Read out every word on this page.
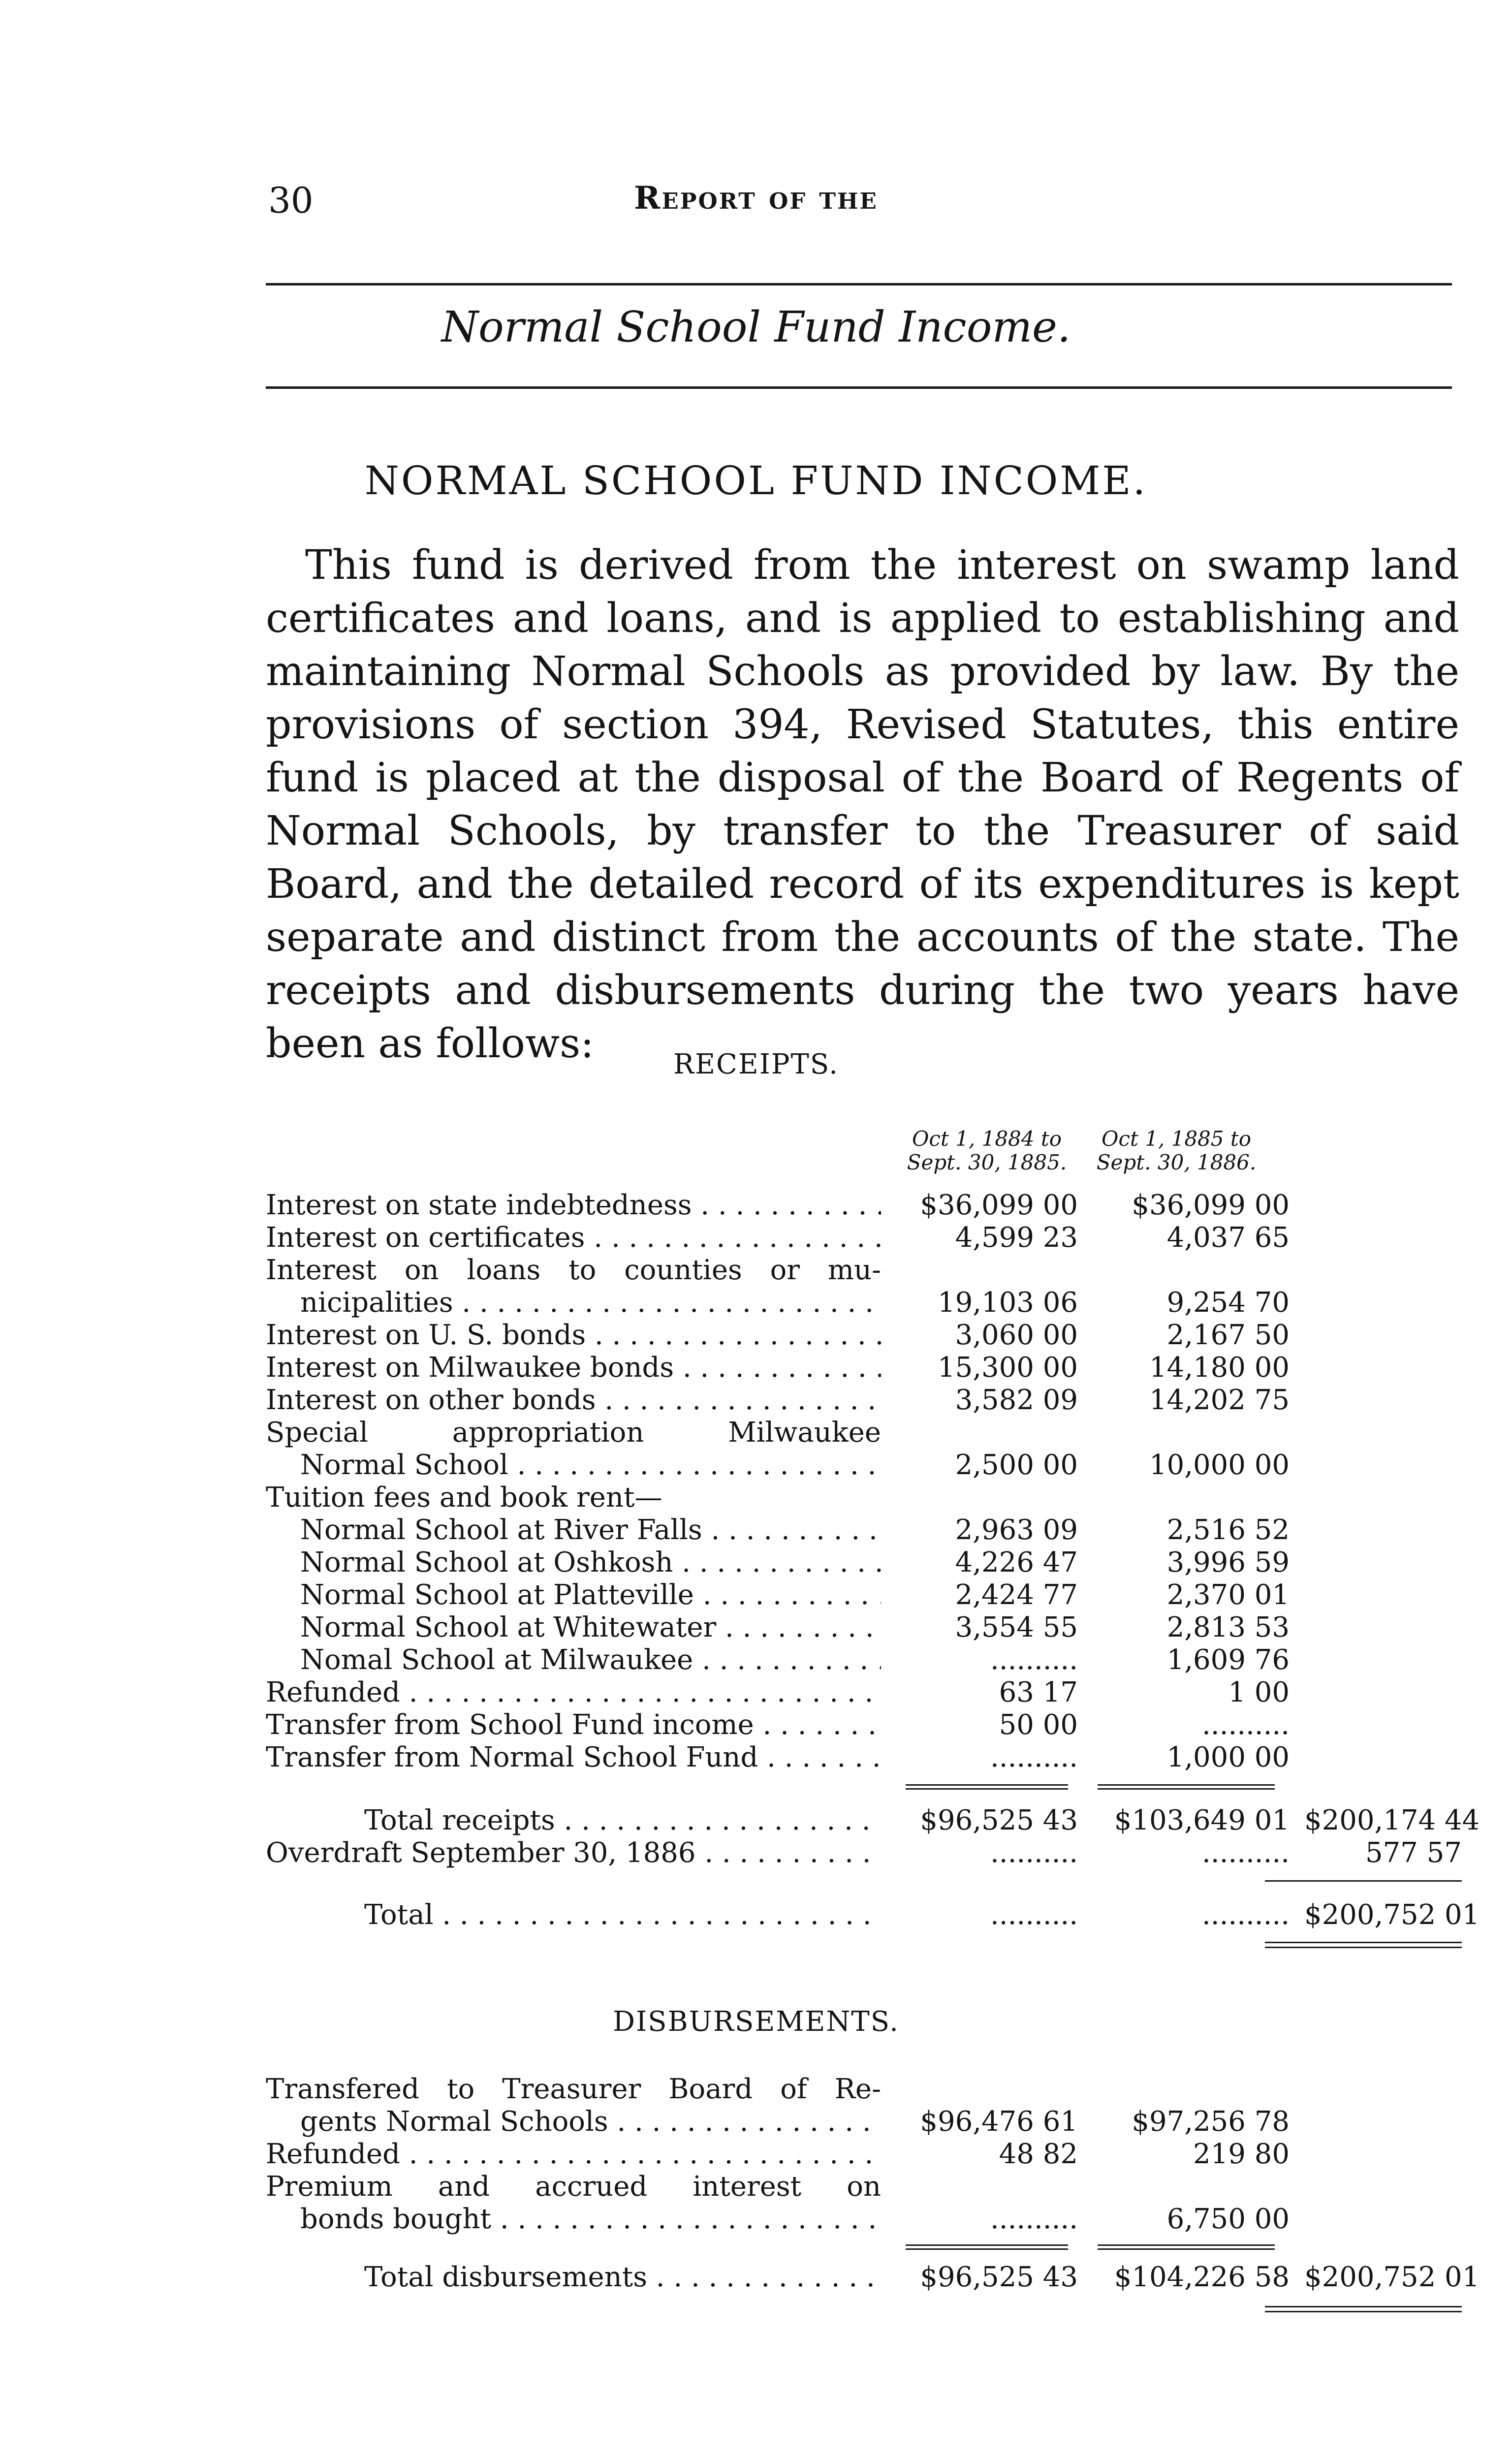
30	Report of the
Normal School Fund Income.
NORMAL SCHOOL FUND INCOME.

This fund is derived from the interest on swamp land certificates and loans, and is applied to establishing and maintaining Normal Schools as provided by law. By the provisions of section 394, Revised Statutes, this entire fund is placed at the disposal of the Board of Regents of Normal Schools, by transfer to the Treasurer of said Board, and the detailed record of its expenditures is kept separate and distinct from the accounts of the state. The receipts and disbursements during the two years have been as follows:	RECEIPTS.
Oct 1, 1884 to
Sept. 30, 1885.
Oct 1, 1885 to
Sept. 30, 1886.
Interest on state indebtedness . . .	$36,099 00	$36,099 00
Interest on certificates . . .	4,599 23	4,037 65
Interest on loans to counties or mu-
nicipalities . . .	19,103 06	9,254 70
Interest on U. S. bonds . . .	3,060 00	2,167 50
Interest on Milwaukee bonds . . .	15,300 00	14,180 00
Interest on other bonds . . .	3,582 09	14,202 75
Special appropriation Milwaukee
Normal School . . .	2,500 00	10,000 00
Tuition fees and book rent—
Normal School at River Falls . . .	2,963 09	2,516 52
Normal School at Oshkosh . . .	4,226 47	3,996 59
Normal School at Platteville . . .	2,424 77	2,370 01
Normal School at Whitewater . . .	3,554 55	2,813 53
Nomal School at Milwaukee . . .	..........	1,609 76
Refunded . . .	63 17	1 00
Transfer from School Fund income . . .	50 00	..........
Transfer from Normal School Fund . . .	..........	1,000 00
Total receipts . . .	$96,525 43	$103,649 01 $200,174 44
Overdraft September 30, 1886 . . .	..........	..........	577 57
Total . . .	..........	.......... $200,752 01
DISBURSEMENTS.
Transfered to Treasurer Board of Re-
gents Normal Schools . . .	$96,476 61	$97,256 78
Refunded . . .	48 82	219 80
Premium and accrued interest on
bonds bought . . .	..........	6,750 00
Total disbursements . . .	$96,525 43	$104,226 58 $200,752 01
